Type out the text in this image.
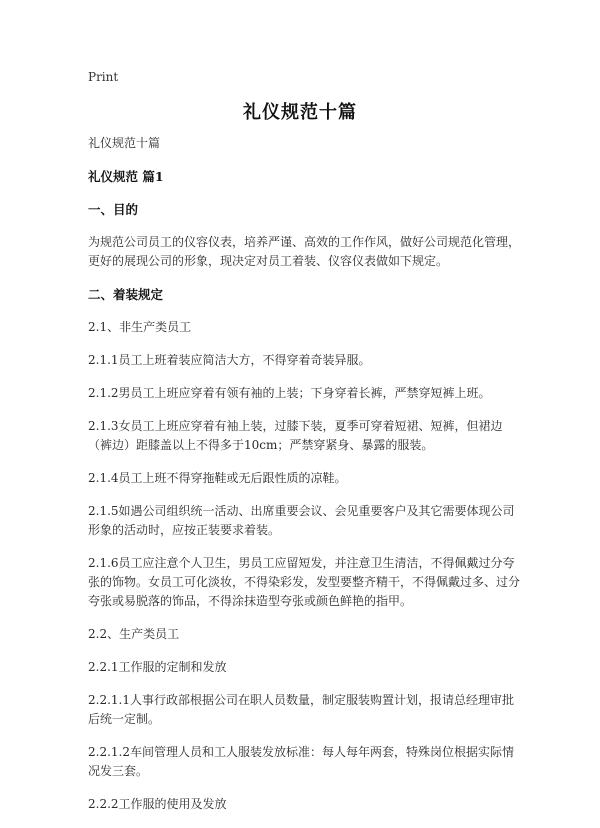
Print
礼仪规范十篇

礼仪规范十篇

礼仪规范 篇1

一、目的

为规范公司员工的仪容仪表，培养严谨、高效的工作作风，做好公司规范化管理，更好的展现公司的形象，现决定对员工着装、仪容仪表做如下规定。

二、着装规定

2.1、非生产类员工

2.1.1员工上班着装应简洁大方，不得穿着奇装异服。

2.1.2男员工上班应穿着有领有袖的上装；下身穿着长裤，严禁穿短裤上班。

2.1.3女员工上班应穿着有袖上装，过膝下装，夏季可穿着短裙、短裤，但裙边（裤边）距膝盖以上不得多于10cm；严禁穿紧身、暴露的服装。

2.1.4员工上班不得穿拖鞋或无后跟性质的凉鞋。

2.1.5如遇公司组织统一活动、出席重要会议、会见重要客户及其它需要体现公司形象的活动时，应按正装要求着装。

2.1.6员工应注意个人卫生，男员工应留短发，并注意卫生清洁，不得佩戴过分夸张的饰物。女员工可化淡妆，不得染彩发，发型要整齐精干，不得佩戴过多、过分夸张或易脱落的饰品，不得涂抹造型夸张或颜色鲜艳的指甲。

2.2、生产类员工

2.2.1工作服的定制和发放

2.2.1.1人事行政部根据公司在职人员数量，制定服装购置计划，报请总经理审批后统一定制。

2.2.1.2车间管理人员和工人服装发放标准：每人每年两套，特殊岗位根据实际情况发三套。

2.2.2工作服的使用及发放
